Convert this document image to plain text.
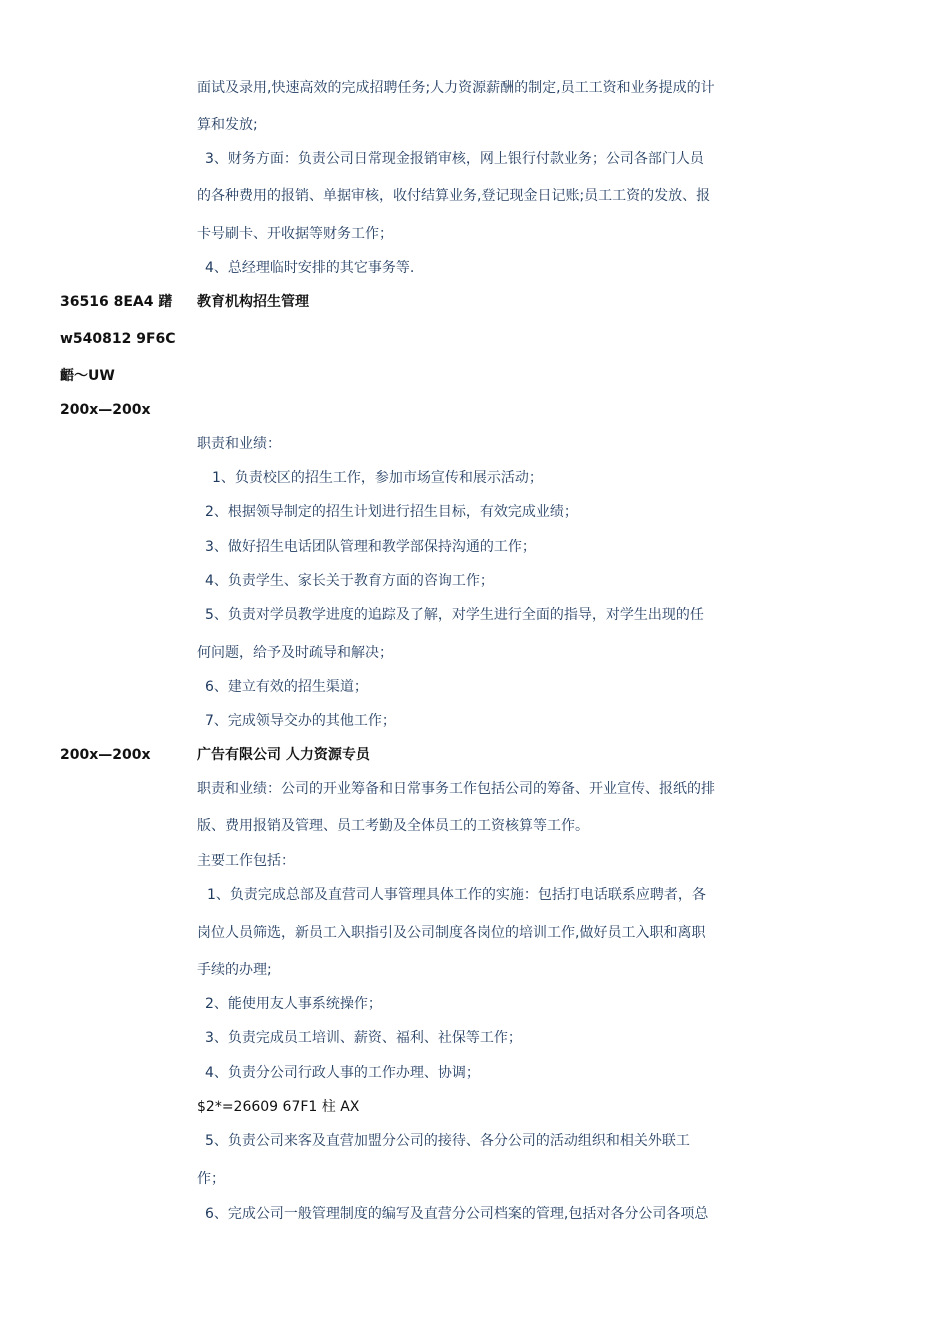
面试及录用,快速高效的完成招聘任务;人力资源薪酬的制定,员工工资和业务提成的计
算和发放;
3、财务方面：负责公司日常现金报销审核，网上银行付款业务；公司各部门人员
的各种费用的报销、单据审核，收付结算业务,登记现金日记账;员工工资的发放、报
卡号刷卡、开收据等财务工作；
4、总经理临时安排的其它事务等.
36516 8EA4 躇 教育机构招生管理
w540812 9F6C
齬～UW
200x—200x
职责和业绩：
1、负责校区的招生工作，参加市场宣传和展示活动；
2、根据领导制定的招生计划进行招生目标，有效完成业绩；
3、做好招生电话团队管理和教学部保持沟通的工作；
4、负责学生、家长关于教育方面的咨询工作；
5、负责对学员教学进度的追踪及了解，对学生进行全面的指导，对学生出现的任
何问题，给予及时疏导和解决；
6、建立有效的招生渠道；
7、完成领导交办的其他工作；
200x—200x	广告有限公司 人力资源专员
职责和业绩：公司的开业筹备和日常事务工作包括公司的筹备、开业宣传、报纸的排
版、费用报销及管理、员工考勤及全体员工的工资核算等工作。
主要工作包括：
1、负责完成总部及直营司人事管理具体工作的实施：包括打电话联系应聘者，各
岗位人员筛选，新员工入职指引及公司制度各岗位的培训工作,做好员工入职和离职
手续的办理;
2、能使用友人事系统操作；
3、负责完成员工培训、薪资、福利、社保等工作；
4、负责分公司行政人事的工作办理、协调；
$2*=26609 67F1 柱 AX
5、负责公司来客及直营加盟分公司的接待、各分公司的活动组织和相关外联工
作；
6、完成公司一般管理制度的编写及直营分公司档案的管理,包括对各分公司各项总
